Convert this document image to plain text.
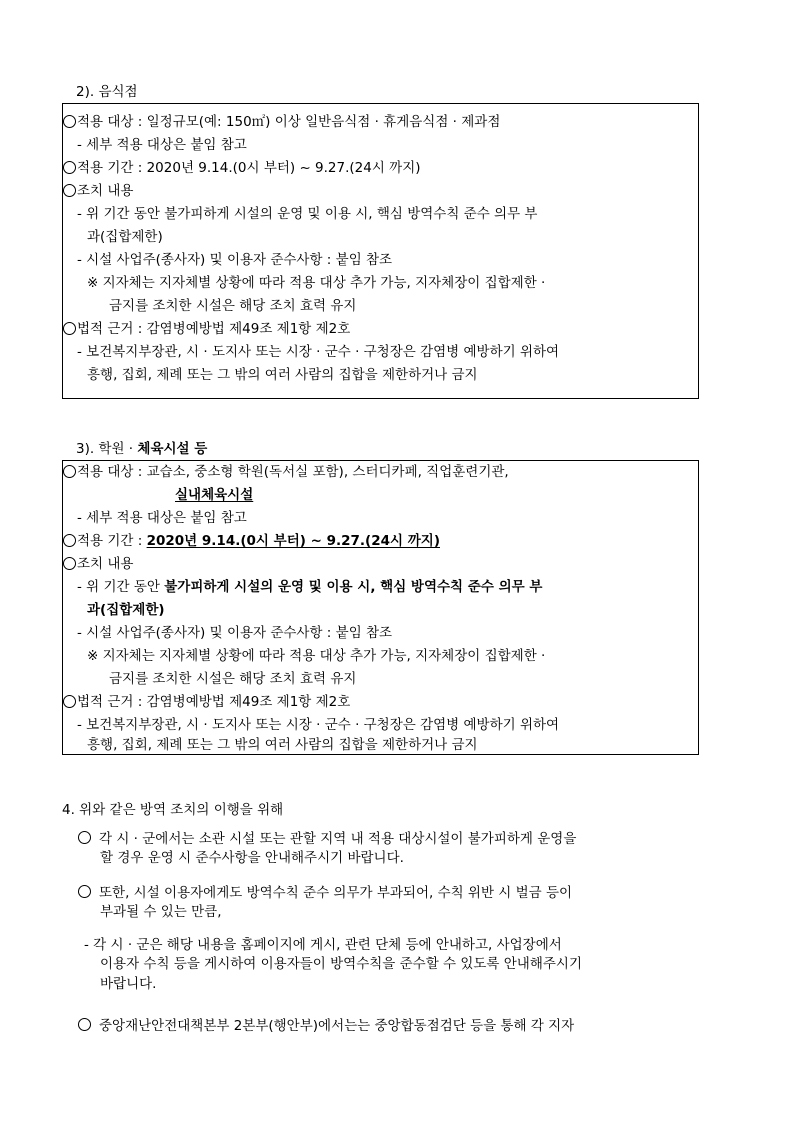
2). 음식점
적용 대상 : 일정규모(예: 150㎡) 이상 일반음식점 · 휴게음식점 · 제과점
- 세부 적용 대상은 붙임 참고
적용 기간 : 2020년 9.14.(0시 부터) ~ 9.27.(24시 까지)
조치 내용
- 위 기간 동안 불가피하게 시설의 운영 및 이용 시, 핵심 방역수칙 준수 의무 부
과(집합제한)
- 시설 사업주(종사자) 및 이용자 준수사항 : 붙임 참조
※ 지자체는 지자체별 상황에 따라 적용 대상 추가 가능, 지자체장이 집합제한 ·
금지를 조치한 시설은 해당 조치 효력 유지
법적 근거 : 감염병예방법 제49조 제1항 제2호
- 보건복지부장관, 시 · 도지사 또는 시장 · 군수 · 구청장은 감염병 예방하기 위하여
흥행, 집회, 제례 또는 그 밖의 여러 사람의 집합을 제한하거나 금지
3). 학원 · 체육시설 등
적용 대상 : 교습소, 중소형 학원(독서실 포함), 스터디카페, 직업훈련기관,
실내체육시설
- 세부 적용 대상은 붙임 참고
적용 기간 : 2020년 9.14.(0시 부터) ~ 9.27.(24시 까지)
조치 내용
- 위 기간 동안 불가피하게 시설의 운영 및 이용 시, 핵심 방역수칙 준수 의무 부
과(집합제한)
- 시설 사업주(종사자) 및 이용자 준수사항 : 붙임 참조
※ 지자체는 지자체별 상황에 따라 적용 대상 추가 가능, 지자체장이 집합제한 ·
금지를 조치한 시설은 해당 조치 효력 유지
법적 근거 : 감염병예방법 제49조 제1항 제2호
- 보건복지부장관, 시 · 도지사 또는 시장 · 군수 · 구청장은 감염병 예방하기 위하여
흥행, 집회, 제례 또는 그 밖의 여러 사람의 집합을 제한하거나 금지
4. 위와 같은 방역 조치의 이행을 위해
각 시 · 군에서는 소관 시설 또는 관할 지역 내 적용 대상시설이 불가피하게 운영을
할 경우 운영 시 준수사항을 안내해주시기 바랍니다.
또한, 시설 이용자에게도 방역수칙 준수 의무가 부과되어, 수칙 위반 시 벌금 등이
부과될 수 있는 만큼,
- 각 시 · 군은 해당 내용을 홈페이지에 게시, 관련 단체 등에 안내하고, 사업장에서
이용자 수칙 등을 게시하여 이용자들이 방역수칙을 준수할 수 있도록 안내해주시기
바랍니다.
중앙재난안전대책본부 2본부(행안부)에서는는 중앙합동점검단 등을 통해 각 지자
